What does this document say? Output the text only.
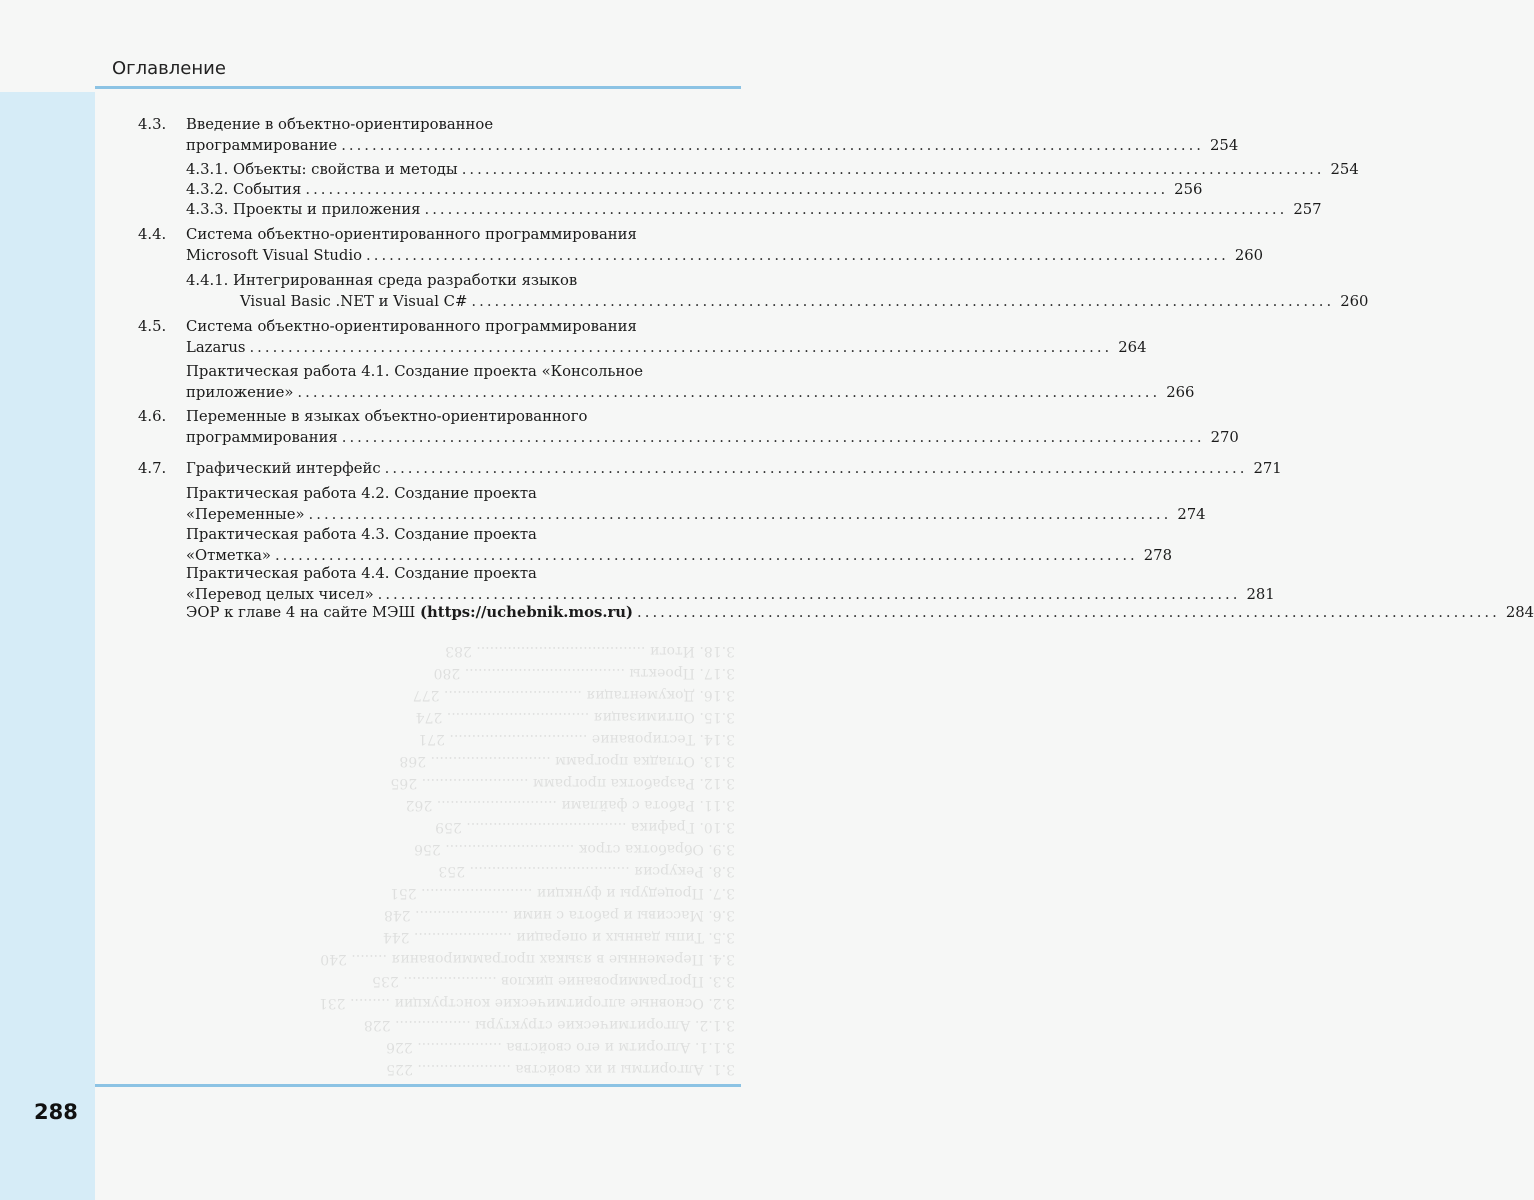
288
Оглавление
3.1. Алгоритмы и их свойства ..................... 225
3.1.1. Алгоритм и его свойства ................... 226
3.1.2. Алгоритмические структуры ................. 228
3.2. Основные алгоритмические конструкции ......... 231
3.3. Программирование циклов ..................... 235
3.4. Переменные в языках программирования ........ 240
3.5. Типы данных и операции ...................... 244
3.6. Массивы и работа с ними ..................... 248
3.7. Процедуры и функции ......................... 251
3.8. Рекурсия .................................... 253
3.9. Обработка строк ............................. 256
3.10. Графика .................................... 259
3.11. Работа с файлами ........................... 262
3.12. Разработка программ ........................ 265
3.13. Отладка программ ........................... 268
3.14. Тестирование ............................... 271
3.15. Оптимизация ................................ 274
3.16. Документация ............................... 277
3.17. Проекты .................................... 280
3.18. Итоги ...................................... 283
4.3. Введение в объектно-ориентированное
программирование ................................................................................................................ 254
4.3.1. Объекты: свойства и методы ................................................................................................................ 254
4.3.2. События ................................................................................................................ 256
4.3.3. Проекты и приложения ................................................................................................................ 257
4.4. Система объектно-ориентированного программирования
Microsoft Visual Studio ................................................................................................................ 260
4.4.1. Интегрированная среда разработки языков
Visual Basic .NET и Visual C# ................................................................................................................ 260
4.5. Система объектно-ориентированного программирования
Lazarus ................................................................................................................ 264
Практическая работа 4.1. Создание проекта «Консольное
приложение» ................................................................................................................ 266
4.6. Переменные в языках объектно-ориентированного
программирования ................................................................................................................ 270
4.7. Графический интерфейс ................................................................................................................ 271
Практическая работа 4.2. Создание проекта
«Переменные» ................................................................................................................ 274
Практическая работа 4.3. Создание проекта
«Отметка» ................................................................................................................ 278
Практическая работа 4.4. Создание проекта
«Перевод целых чисел» ................................................................................................................ 281
ЭОР к главе 4 на сайте МЭШ (https://uchebnik.mos.ru) ................................................................................................................ 284
